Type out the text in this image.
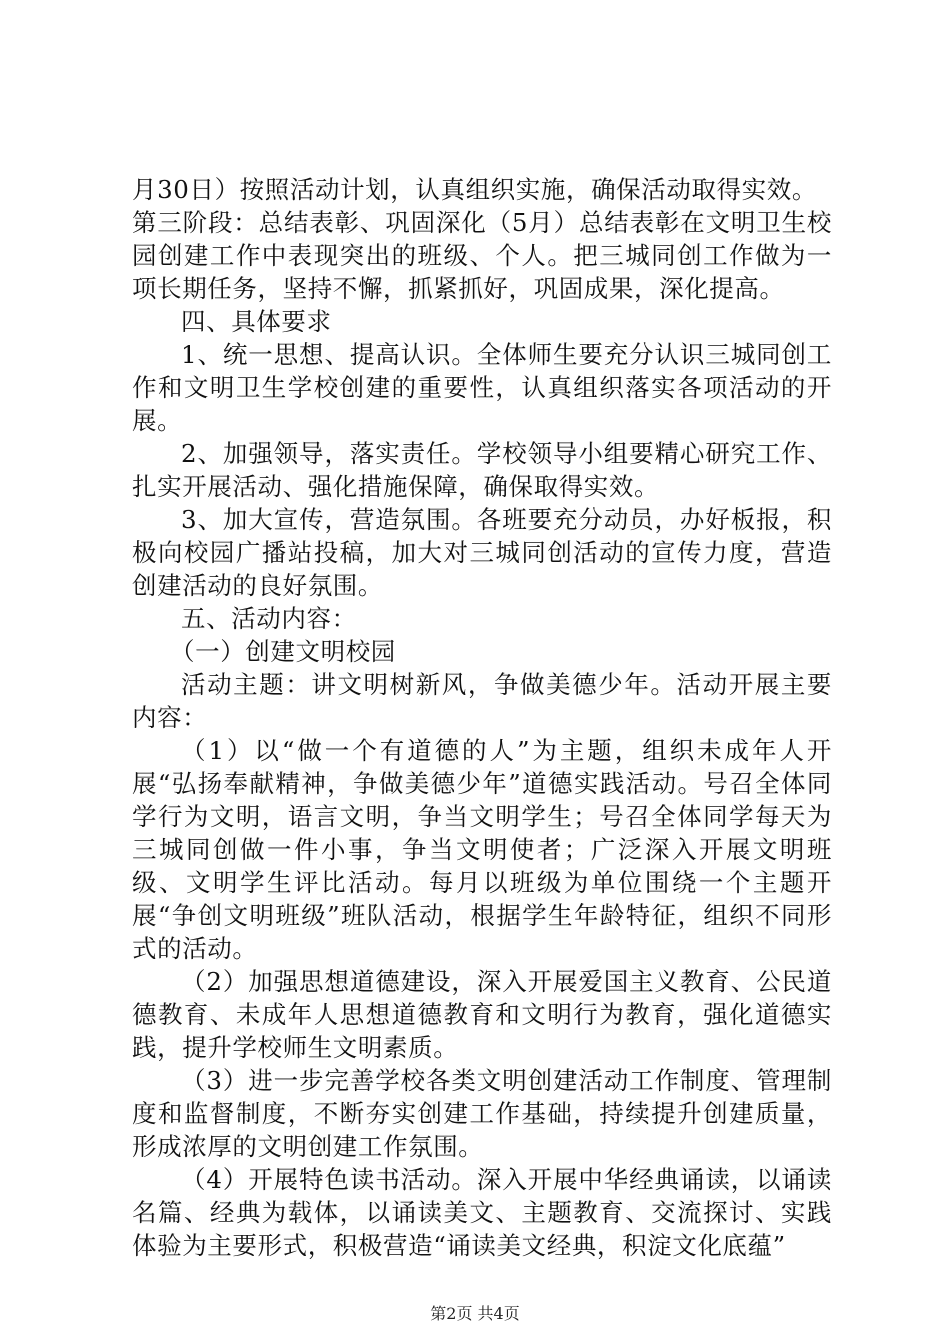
月30日）按照活动计划，认真组织实施，确保活动取得实效。

第三阶段：总结表彰、巩固深化（5月）总结表彰在文明卫生校园创建工作中表现突出的班级、个人。把三城同创工作做为一项长期任务，坚持不懈，抓紧抓好，巩固成果，深化提高。

四、具体要求

1、统一思想、提高认识。全体师生要充分认识三城同创工作和文明卫生学校创建的重要性，认真组织落实各项活动的开展。

2、加强领导，落实责任。学校领导小组要精心研究工作、扎实开展活动、强化措施保障，确保取得实效。

3、加大宣传，营造氛围。各班要充分动员，办好板报，积极向校园广播站投稿，加大对三城同创活动的宣传力度，营造创建活动的良好氛围。

五、活动内容：

（一）创建文明校园

活动主题：讲文明树新风，争做美德少年。活动开展主要内容：

（1）以“做一个有道德的人”为主题，组织未成年人开展“弘扬奉献精神，争做美德少年”道德实践活动。号召全体同学行为文明，语言文明，争当文明学生；号召全体同学每天为三城同创做一件小事，争当文明使者；广泛深入开展文明班级、文明学生评比活动。每月以班级为单位围绕一个主题开展“争创文明班级”班队活动，根据学生年龄特征，组织不同形式的活动。

（2）加强思想道德建设，深入开展爱国主义教育、公民道德教育、未成年人思想道德教育和文明行为教育，强化道德实践，提升学校师生文明素质。

（3）进一步完善学校各类文明创建活动工作制度、管理制度和监督制度，不断夯实创建工作基础，持续提升创建质量，形成浓厚的文明创建工作氛围。

（4）开展特色读书活动。深入开展中华经典诵读，以诵读名篇、经典为载体，以诵读美文、主题教育、交流探讨、实践体验为主要形式，积极营造“诵读美文经典，积淀文化底蕴”

第2页 共4页
